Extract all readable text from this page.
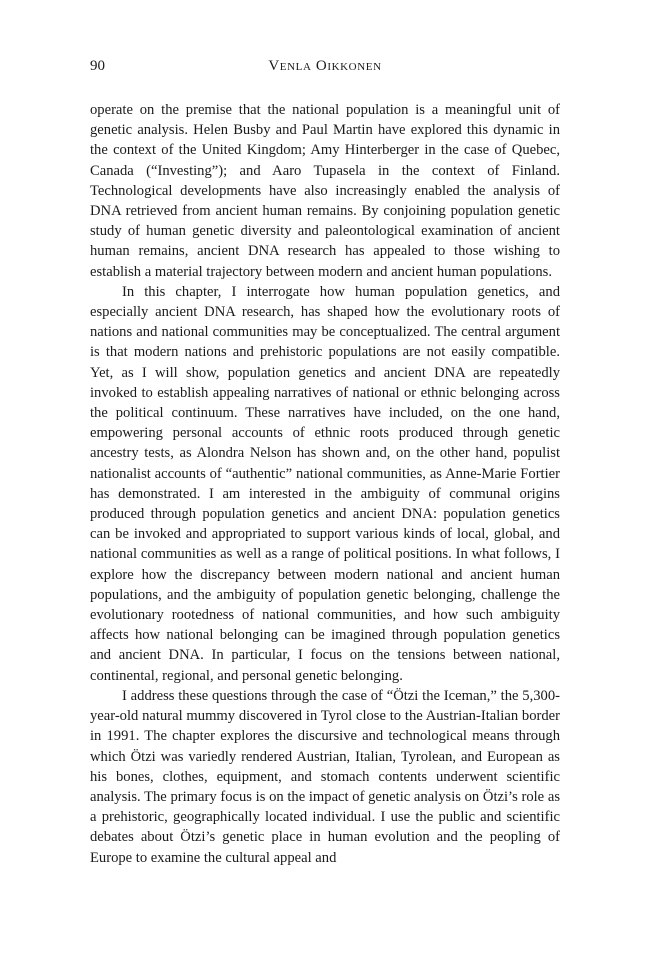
90	Venla Oikkonen

operate on the premise that the national population is a meaningful unit of genetic analysis. Helen Busby and Paul Martin have explored this dynamic in the context of the United Kingdom; Amy Hinterberger in the case of Quebec, Canada (“Investing”); and Aaro Tupasela in the context of Finland. Technological developments have also increasingly enabled the analysis of DNA retrieved from ancient human remains. By conjoining population genetic study of human genetic diversity and paleontological examination of ancient human remains, ancient DNA research has appealed to those wishing to establish a material trajectory between modern and ancient human populations.

In this chapter, I interrogate how human population genetics, and especially ancient DNA research, has shaped how the evolutionary roots of nations and national communities may be conceptualized. The central argument is that modern nations and prehistoric populations are not easily compatible. Yet, as I will show, population genetics and ancient DNA are repeatedly invoked to establish appealing narratives of national or ethnic belonging across the political continuum. These narratives have included, on the one hand, empowering personal accounts of ethnic roots produced through genetic ancestry tests, as Alondra Nelson has shown and, on the other hand, populist nationalist accounts of “authentic” national communities, as Anne-Marie Fortier has demonstrated. I am interested in the ambiguity of communal origins produced through population genetics and ancient DNA: population genetics can be invoked and appropriated to support various kinds of local, global, and national communities as well as a range of political positions. In what follows, I explore how the discrepancy between modern national and ancient human populations, and the ambiguity of population genetic belonging, challenge the evolutionary rootedness of national communities, and how such ambiguity affects how national belonging can be imagined through population genetics and ancient DNA. In particular, I focus on the tensions between national, continental, regional, and personal genetic belonging.

I address these questions through the case of “Ötzi the Iceman,” the 5,300-year-old natural mummy discovered in Tyrol close to the Austrian-Italian border in 1991. The chapter explores the discursive and technological means through which Ötzi was variedly rendered Austrian, Italian, Tyrolean, and European as his bones, clothes, equipment, and stomach contents underwent scientific analysis. The primary focus is on the impact of genetic analysis on Ötzi’s role as a prehistoric, geographically located individual. I use the public and scientific debates about Ötzi’s genetic place in human evolution and the peopling of Europe to examine the cultural appeal and
